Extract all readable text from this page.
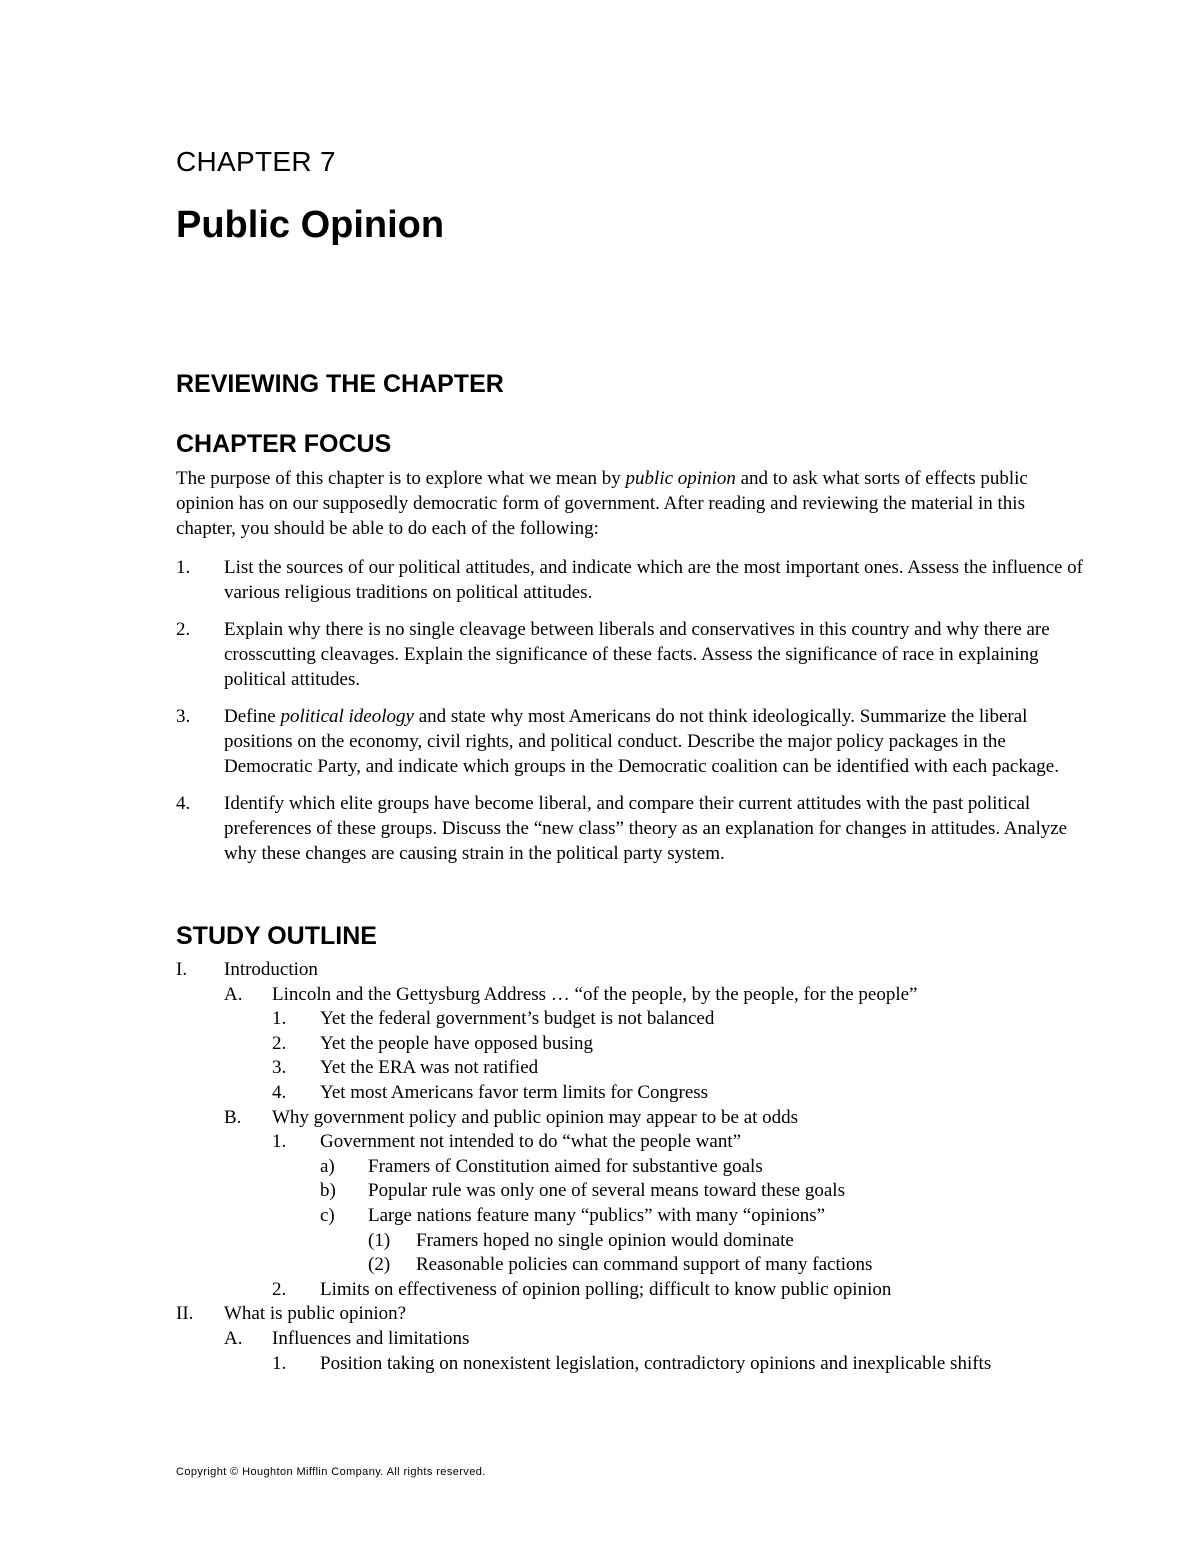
CHAPTER 7
Public Opinion
REVIEWING THE CHAPTER
CHAPTER FOCUS

The purpose of this chapter is to explore what we mean by public opinion and to ask what sorts of effects public opinion has on our supposedly democratic form of government. After reading and reviewing the material in this chapter, you should be able to do each of the following:

1. List the sources of our political attitudes, and indicate which are the most important ones. Assess the influence of various religious traditions on political attitudes.
2. Explain why there is no single cleavage between liberals and conservatives in this country and why there are crosscutting cleavages. Explain the significance of these facts. Assess the significance of race in explaining political attitudes.
3. Define political ideology and state why most Americans do not think ideologically. Summarize the liberal positions on the economy, civil rights, and political conduct. Describe the major policy packages in the Democratic Party, and indicate which groups in the Democratic coalition can be identified with each package.
4. Identify which elite groups have become liberal, and compare their current attitudes with the past political preferences of these groups. Discuss the “new class” theory as an explanation for changes in attitudes. Analyze why these changes are causing strain in the political party system.
STUDY OUTLINE
I. Introduction
A. Lincoln and the Gettysburg Address … “of the people, by the people, for the people”
1. Yet the federal government’s budget is not balanced
2. Yet the people have opposed busing
3. Yet the ERA was not ratified
4. Yet most Americans favor term limits for Congress
B. Why government policy and public opinion may appear to be at odds
1. Government not intended to do “what the people want”
a) Framers of Constitution aimed for substantive goals
b) Popular rule was only one of several means toward these goals
c) Large nations feature many “publics” with many “opinions”
(1) Framers hoped no single opinion would dominate
(2) Reasonable policies can command support of many factions
2. Limits on effectiveness of opinion polling; difficult to know public opinion
II. What is public opinion?
A. Influences and limitations
1. Position taking on nonexistent legislation, contradictory opinions and inexplicable shifts
Copyright © Houghton Mifflin Company. All rights reserved.
